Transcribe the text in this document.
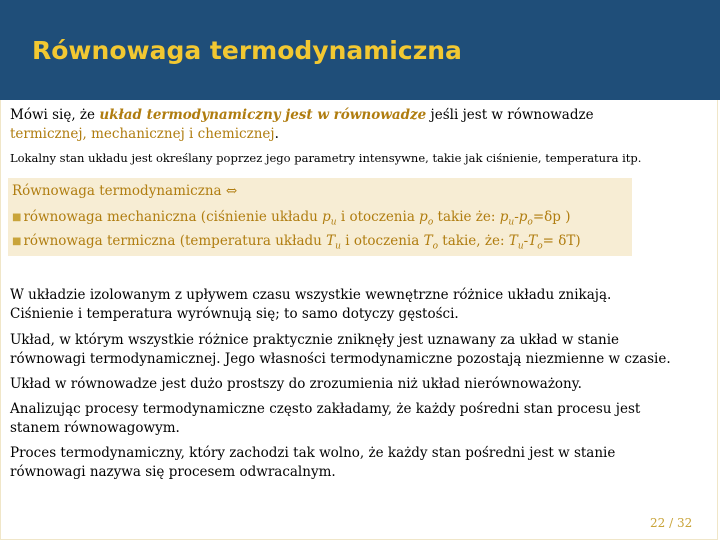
Równowaga termodynamiczna
Mówi się, że układ termodynamiczny jest w równowadze jeśli jest w równowadze
termicznej, mechanicznej i chemicznej.
Lokalny stan układu jest określany poprzez jego parametry intensywne, takie jak ciśnienie, temperatura itp.
Równowaga termodynamiczna ⇔
■ równowaga mechaniczna (ciśnienie układu $p_u$ i otoczenia $p_o$ takie że: $p_u-p_o=\delta p$ )
■ równowaga termiczna (temperatura układu $T_u$ i otoczenia $T_o$ takie, że: $T_u-T_o= \delta T$)
W układzie izolowanym z upływem czasu wszystkie wewnętrzne różnice układu znikają.
Ciśnienie i temperatura wyrównują się; to samo dotyczy gęstości.
Układ, w którym wszystkie różnice praktycznie zniknęły jest uznawany za układ w stanie
równowagi termodynamicznej. Jego własności termodynamiczne pozostają niezmienne w czasie.
Układ w równowadze jest dużo prostszy do zrozumienia niż układ nierównoważony.
Analizując procesy termodynamiczne często zakładamy, że każdy pośredni stan procesu jest
stanem równowagowym.
Proces termodynamiczny, który zachodzi tak wolno, że każdy stan pośredni jest w stanie
równowagi nazywa się procesem odwracalnym.
22 / 32
